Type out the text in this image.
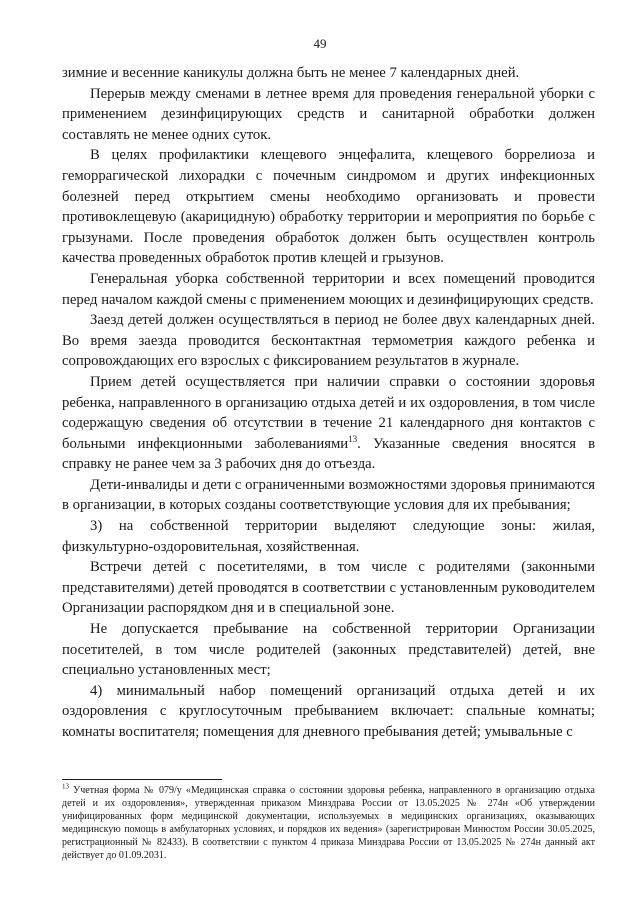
49

зимние и весенние каникулы должна быть не менее 7 календарных дней.

Перерыв между сменами в летнее время для проведения генеральной уборки с применением дезинфицирующих средств и санитарной обработки должен составлять не менее одних суток.

В целях профилактики клещевого энцефалита, клещевого боррелиоза и геморрагической лихорадки с почечным синдромом и других инфекционных болезней перед открытием смены необходимо организовать и провести противоклещевую (акарицидную) обработку территории и мероприятия по борьбе с грызунами. После проведения обработок должен быть осуществлен контроль качества проведенных обработок против клещей и грызунов.

Генеральная уборка собственной территории и всех помещений проводится перед началом каждой смены с применением моющих и дезинфицирующих средств.

Заезд детей должен осуществляться в период не более двух календарных дней. Во время заезда проводится бесконтактная термометрия каждого ребенка и сопровождающих его взрослых с фиксированием результатов в журнале.

Прием детей осуществляется при наличии справки о состоянии здоровья ребенка, направленного в организацию отдыха детей и их оздоровления, в том числе содержащую сведения об отсутствии в течение 21 календарного дня контактов с больными инфекционными заболеваниями$^{13}$. Указанные сведения вносятся в справку не ранее чем за 3 рабочих дня до отъезда.

Дети-инвалиды и дети с ограниченными возможностями здоровья принимаются в организации, в которых созданы соответствующие условия для их пребывания;

3) на собственной территории выделяют следующие зоны: жилая, физкультурно-оздоровительная, хозяйственная.

Встречи детей с посетителями, в том числе с родителями (законными представителями) детей проводятся в соответствии с установленным руководителем Организации распорядком дня и в специальной зоне.

Не допускается пребывание на собственной территории Организации посетителей, в том числе родителей (законных представителей) детей, вне специально установленных мест;

4) минимальный набор помещений организаций отдыха детей и их оздоровления с круглосуточным пребыванием включает: спальные комнаты; комнаты воспитателя; помещения для дневного пребывания детей; умывальные с

$^{13}$ Учетная форма № 079/у «Медицинская справка о состоянии здоровья ребенка, направленного в организацию отдыха детей и их оздоровления», утвержденная приказом Минздрава России от 13.05.2025 № 274н «Об утверждении унифицированных форм медицинской документации, используемых в медицинских организациях, оказывающих медицинскую помощь в амбулаторных условиях, и порядков их ведения» (зарегистрирован Минюстом России 30.05.2025, регистрационный № 82433). В соответствии с пунктом 4 приказа Минздрава России от 13.05.2025 № 274н данный акт действует до 01.09.2031.
